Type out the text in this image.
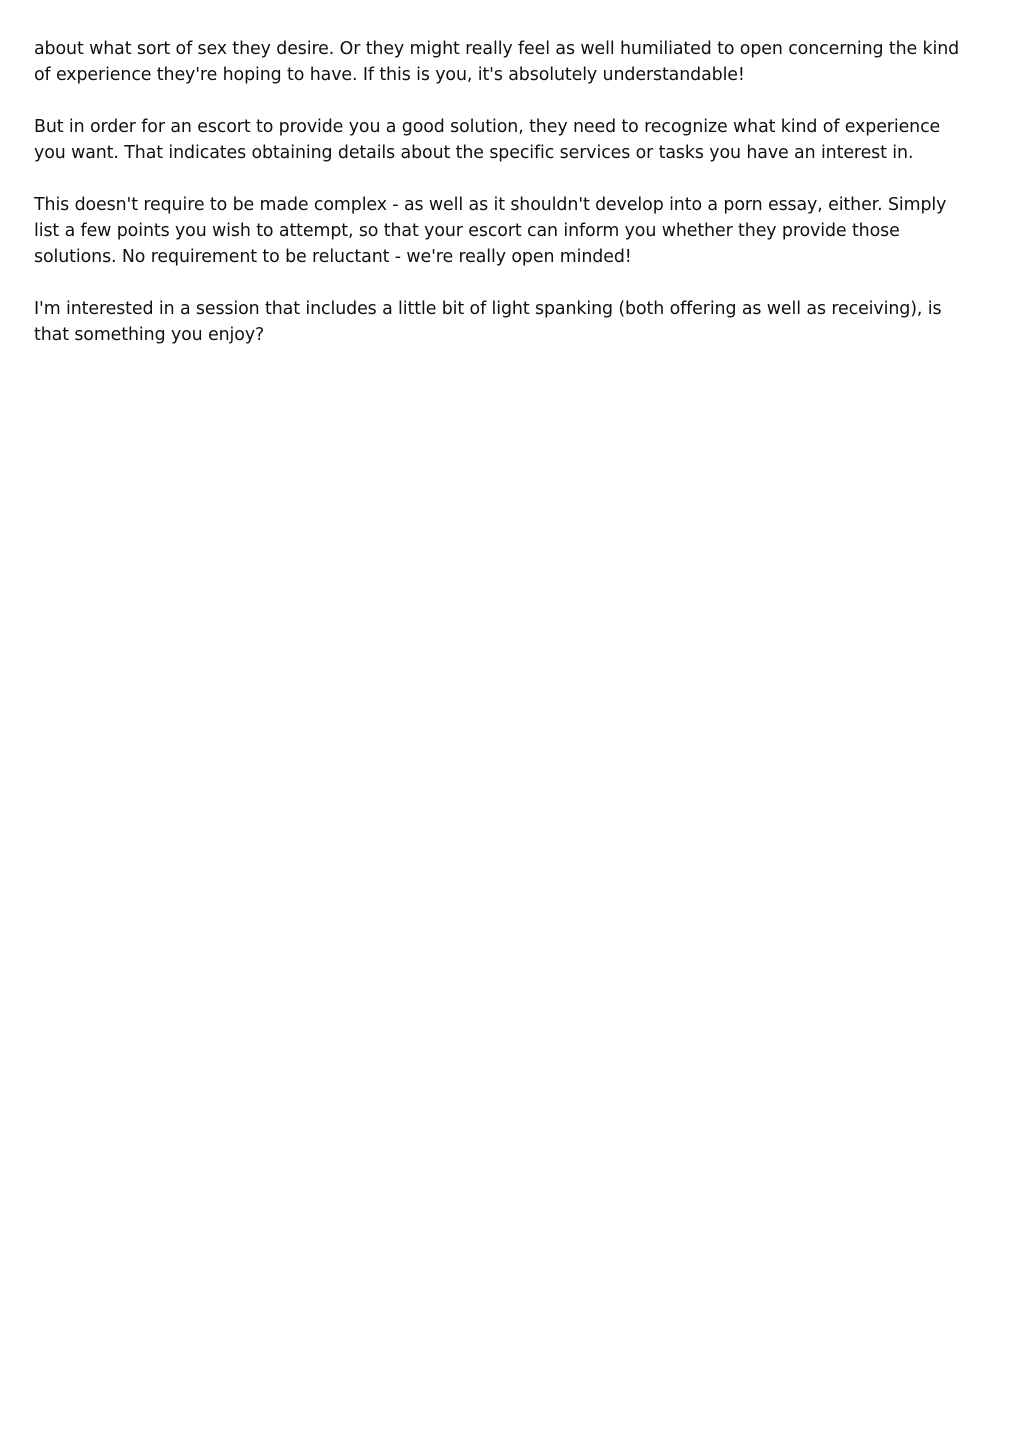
about what sort of sex they desire. Or they might really feel as well humiliated to open concerning the kind of experience they're hoping to have. If this is you, it's absolutely understandable!

But in order for an escort to provide you a good solution, they need to recognize what kind of experience you want. That indicates obtaining details about the specific services or tasks you have an interest in.

This doesn't require to be made complex - as well as it shouldn't develop into a porn essay, either. Simply list a few points you wish to attempt, so that your escort can inform you whether they provide those solutions. No requirement to be reluctant - we're really open minded!

I'm interested in a session that includes a little bit of light spanking (both offering as well as receiving), is that something you enjoy?
